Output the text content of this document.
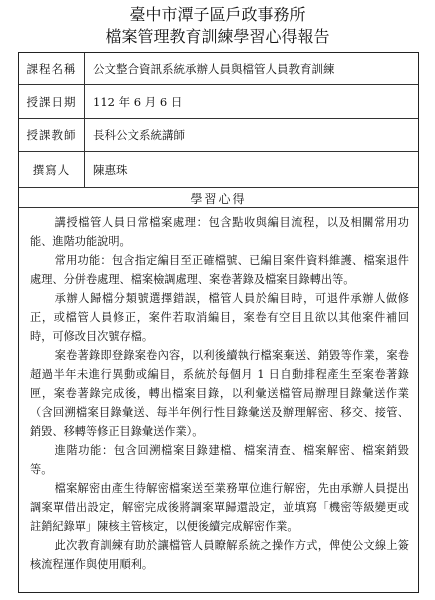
臺中市潭子區戶政事務所
檔案管理教育訓練學習心得報告
課程名稱	公文整合資訊系統承辦人員與檔管人員教育訓練
授課日期	112 年 6 月 6 日
授課教師	長科公文系統講師
撰寫人	陳惠珠
學習心得

講授檔管人員日常檔案處理：包含點收與編目流程，以及相關常用功能、進階功能說明。

常用功能：包含指定編目至正確檔號、已編目案件資料維護、檔案退件處理、分併卷處理、檔案檢調處理、案卷著錄及檔案目錄轉出等。

承辦人歸檔分類號選擇錯誤，檔管人員於編目時，可退件承辦人做修正，或檔管人員修正，案件若取消編目，案卷有空目且欲以其他案件補回時，可修改目次號存檔。

案卷著錄即登錄案卷內容，以利後續執行檔案棄送、銷毀等作業，案卷超過半年未進行異動或編目，系統於每個月 1 日自動排程產生至案卷著錄匣，案卷著錄完成後，轉出檔案目錄，以利彙送檔管局辦理目錄彙送作業（含回溯檔案目錄彙送、每半年例行性目錄彙送及辦理解密、移交、接管、銷毀、移轉等修正目錄彙送作業）。

進階功能：包含回溯檔案目錄建檔、檔案清查、檔案解密、檔案銷毀等。

檔案解密由產生待解密檔案送至業務單位進行解密，先由承辦人員提出調案單借出設定，解密完成後將調案單歸還設定，並填寫「機密等級變更或註銷紀錄單」陳核主管核定，以便後續完成解密作業。

此次教育訓練有助於讓檔管人員瞭解系統之操作方式，俾使公文線上簽核流程運作與使用順利。
